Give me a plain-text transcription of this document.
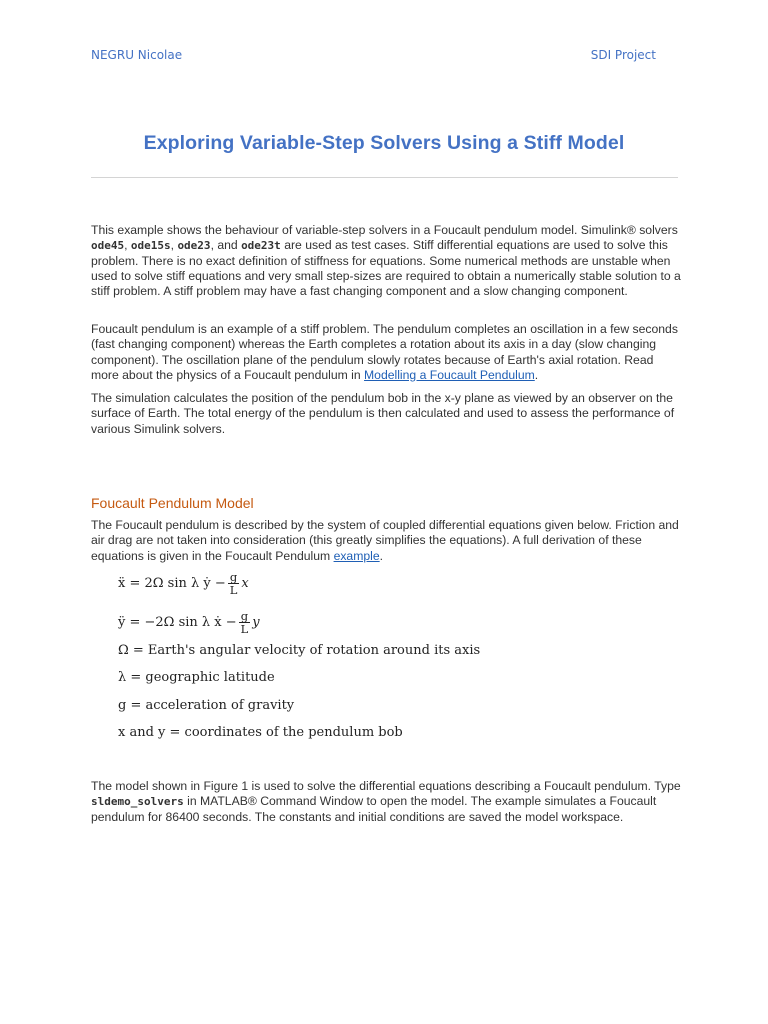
NEGRU Nicolae	SDI Project
Exploring Variable-Step Solvers Using a Stiff Model

This example shows the behaviour of variable-step solvers in a Foucault pendulum model. Simulink® solvers ode45, ode15s, ode23, and ode23t are used as test cases. Stiff differential equations are used to solve this problem. There is no exact definition of stiffness for equations. Some numerical methods are unstable when used to solve stiff equations and very small step-sizes are required to obtain a numerically stable solution to a stiff problem. A stiff problem may have a fast changing component and a slow changing component.

Foucault pendulum is an example of a stiff problem. The pendulum completes an oscillation in a few seconds (fast changing component) whereas the Earth completes a rotation about its axis in a day (slow changing component). The oscillation plane of the pendulum slowly rotates because of Earth's axial rotation. Read more about the physics of a Foucault pendulum in Modelling a Foucault Pendulum.

The simulation calculates the position of the pendulum bob in the x-y plane as viewed by an observer on the surface of Earth. The total energy of the pendulum is then calculated and used to assess the performance of various Simulink solvers.

Foucault Pendulum Model

The Foucault pendulum is described by the system of coupled differential equations given below. Friction and air drag are not taken into consideration (this greatly simplifies the equations). A full derivation of these equations is given in the Foucault Pendulum example.

ẍ = 2Ω sin λ ẏ − $\frac{g}{L}$ x
ÿ = −2Ω sin λ ẋ − $\frac{g}{L}$ y
Ω = Earth's angular velocity of rotation around its axis
λ = geographic latitude
g = acceleration of gravity
x and y = coordinates of the pendulum bob

The model shown in Figure 1 is used to solve the differential equations describing a Foucault pendulum. Type sldemo_solvers in MATLAB® Command Window to open the model. The example simulates a Foucault pendulum for 86400 seconds. The constants and initial conditions are saved the model workspace.
